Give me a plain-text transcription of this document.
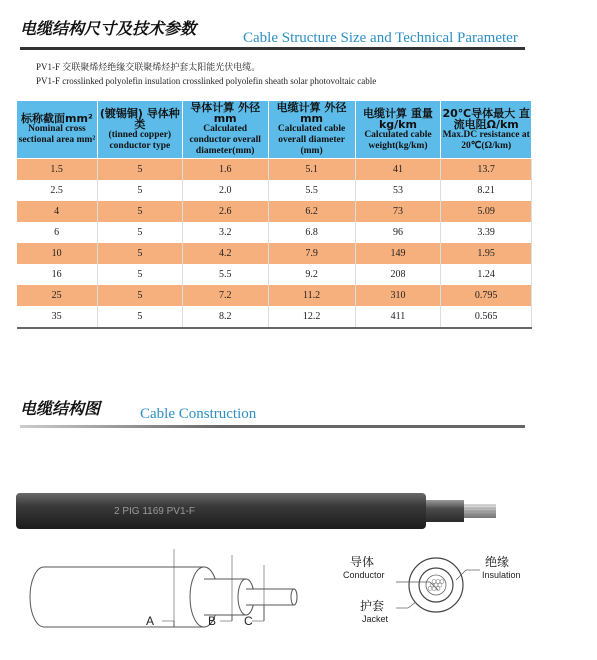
电缆结构尺寸及技术参数	Cable Structure Size and Technical Parameter
PV1-F 交联聚烯烃绝缘交联聚烯烃护套太阳能光伏电缆。
PV1-F crosslinked polyolefin insulation crosslinked polyolefin sheath solar photovoltaic cable
标称截面mm²
Nominal cross sectional area mm²	(镀锡铜) 导体种类
(tinned copper) conductor type	导体计算 外径mm
Calculated conductor overall diameter(mm)	电缆计算 外径mm
Calculated cable overall diameter (mm)	电缆计算 重量kg/km
Calculated cable weight(kg/km)	20℃导体最大 直流电阻Ω/km
Max.DC resistance at 20℃(Ω/km)

1.5	5	1.6	5.1	41	13.7
2.5	5	2.0	5.5	53	8.21
4	5	2.6	6.2	73	5.09
6	5	3.2	6.8	96	3.39
10	5	4.2	7.9	149	1.95
16	5	5.5	9.2	208	1.24
25	5	7.2	11.2	310	0.795
35	5	8.2	12.2	411	0.565
电缆结构图	Cable Construction
2 PIG 1169 PV1-F
A	B C
导体
Conductor
绝缘
Insulation
护套
Jacket
